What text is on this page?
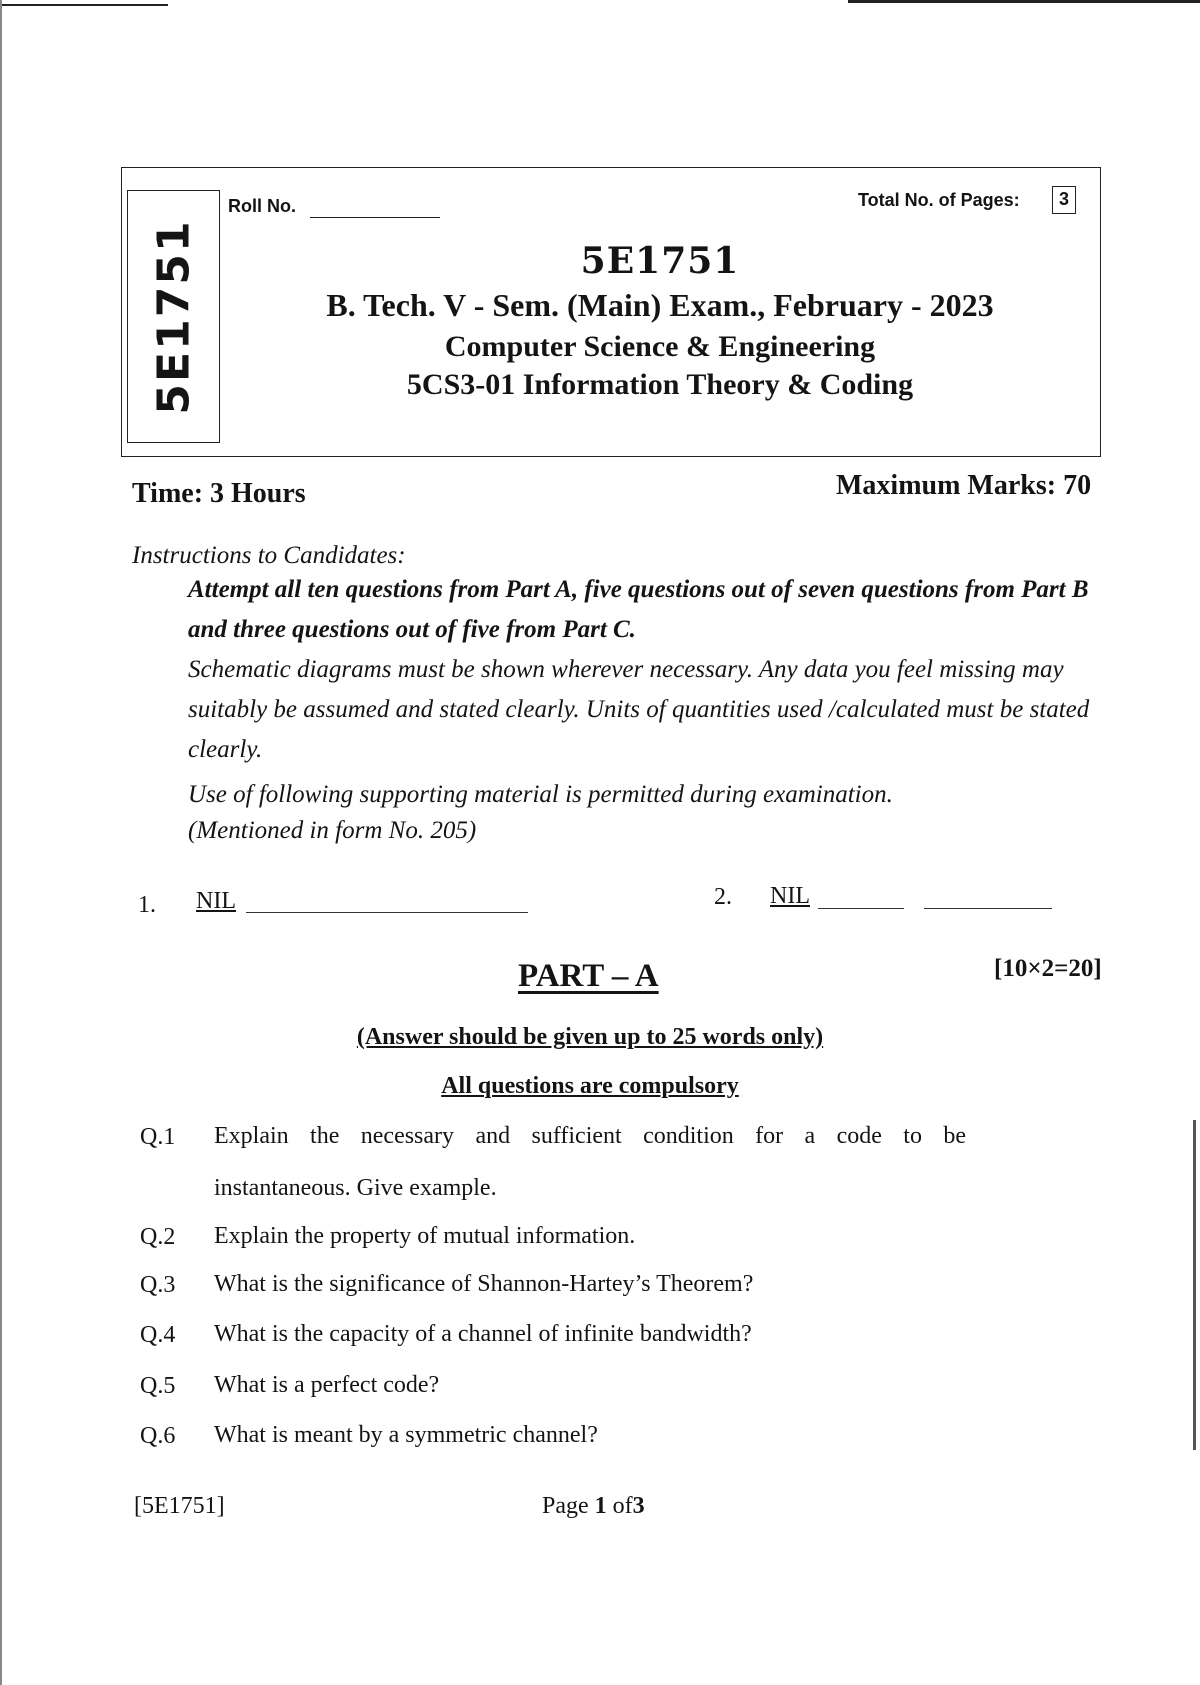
5E1751
Roll No.	Total No. of Pages:	3
5E1751
B. Tech. V - Sem. (Main) Exam., February - 2023
Computer Science & Engineering
5CS3-01 Information Theory & Coding
Time: 3 Hours	Maximum Marks: 70
Instructions to Candidates:
Attempt all ten questions from Part A, five questions out of seven questions from Part B and three questions out of five from Part C.
Schematic diagrams must be shown wherever necessary. Any data you feel missing may suitably be assumed and stated clearly. Units of quantities used /calculated must be stated clearly.
Use of following supporting material is permitted during examination.
(Mentioned in form No. 205)
1. NIL	2. NIL
PART – A	[10×2=20]
(Answer should be given up to 25 words only)
All questions are compulsory
Q.1 Explain the necessary and sufficient condition for a code to be
instantaneous. Give example.
Q.2 Explain the property of mutual information.
Q.3 What is the significance of Shannon-Hartey’s Theorem?
Q.4 What is the capacity of a channel of infinite bandwidth?
Q.5 What is a perfect code?
Q.6 What is meant by a symmetric channel?
[5E1751]	Page 1 of3
